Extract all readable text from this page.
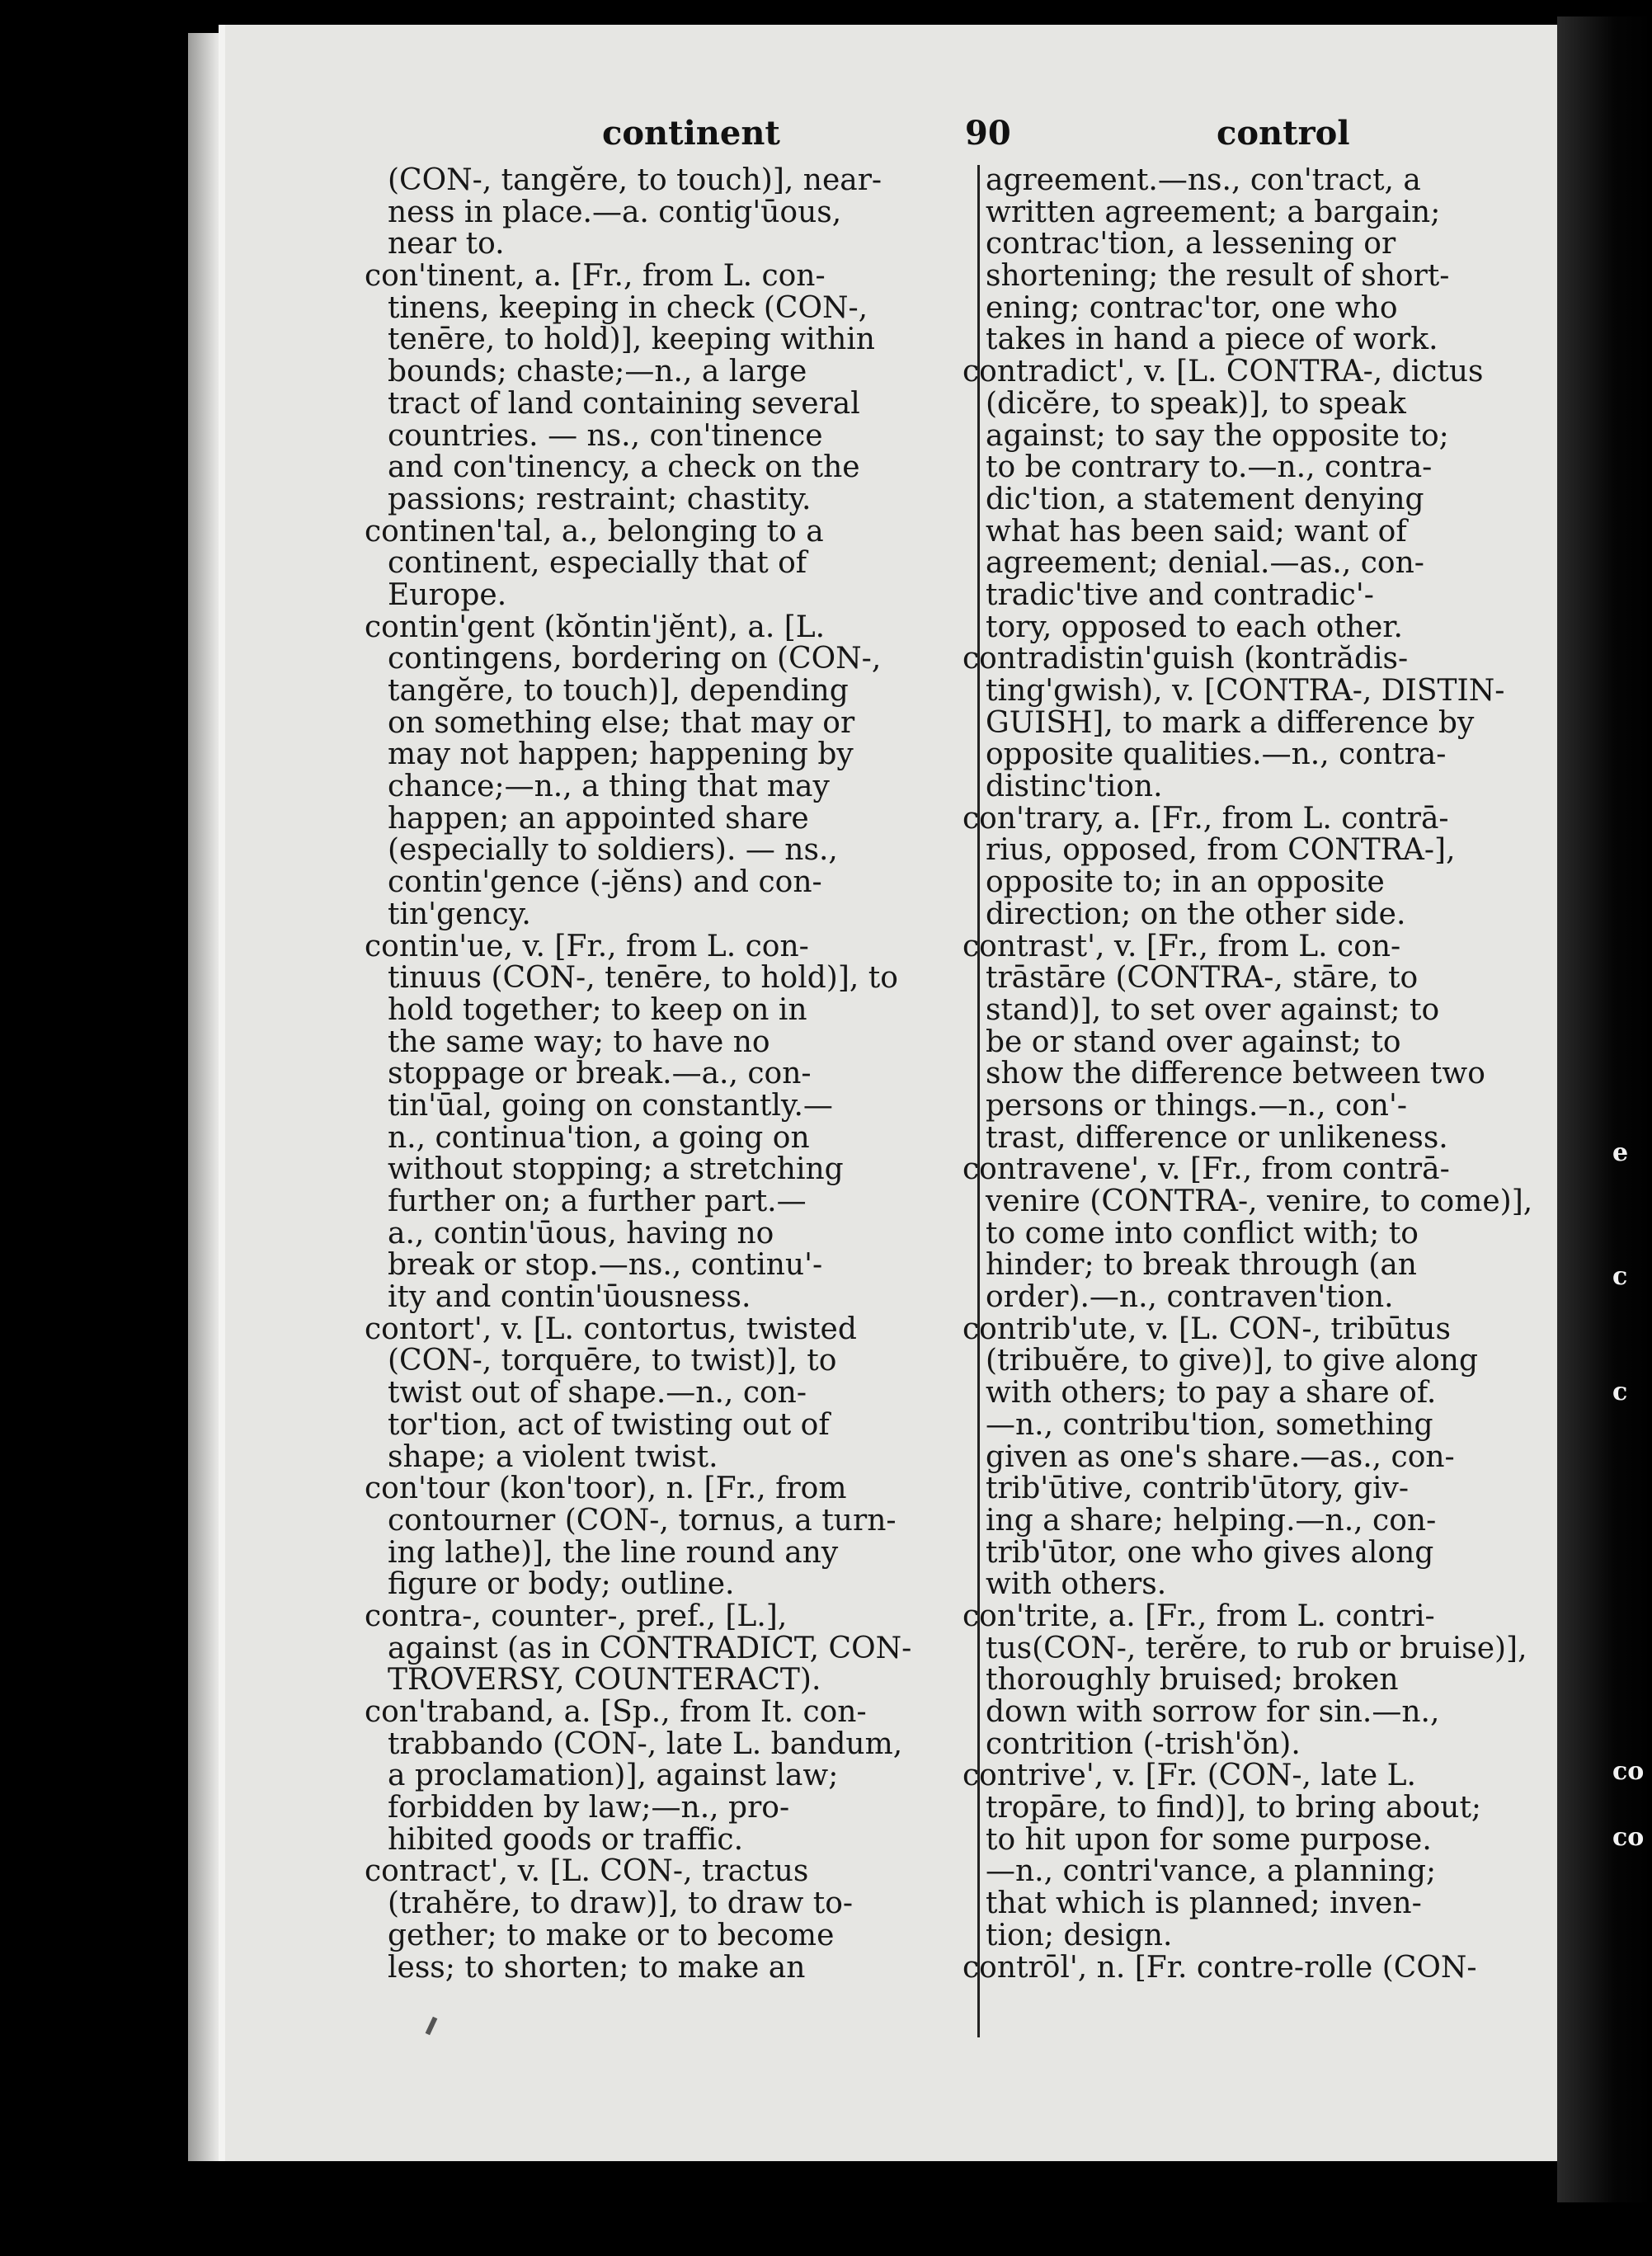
e
c
c
co
co
continent	90	control
(CON-, tangĕre, to touch)], near-
ness in place.—a. contig'ūous,
near to.
con'tinent, a. [Fr., from L. con-
tinens, keeping in check (CON-,
tenēre, to hold)], keeping within
bounds; chaste;—n., a large
tract of land containing several
countries. — ns., con'tinence
and con'tinency, a check on the
passions; restraint; chastity.
continen'tal, a., belonging to a
continent, especially that of
Europe.
contin'gent (kŏntin'jĕnt), a. [L.
contingens, bordering on (CON-,
tangĕre, to touch)], depending
on something else; that may or
may not happen; happening by
chance;—n., a thing that may
happen; an appointed share
(especially to soldiers). — ns.,
contin'gence (-jĕns) and con-
tin'gency.
contin'ue, v. [Fr., from L. con-
tinuus (CON-, tenēre, to hold)], to
hold together; to keep on in
the same way; to have no
stoppage or break.—a., con-
tin'ūal, going on constantly.—
n., continua'tion, a going on
without stopping; a stretching
further on; a further part.—
a., contin'ūous, having no
break or stop.—ns., continu'-
ity and contin'ūousness.
contort', v. [L. contortus, twisted
(CON-, torquēre, to twist)], to
twist out of shape.—n., con-
tor'tion, act of twisting out of
shape; a violent twist.
con'tour (kon'toor), n. [Fr., from
contourner (CON-, tornus, a turn-
ing lathe)], the line round any
figure or body; outline.
contra-, counter-, pref., [L.],
against (as in CONTRADICT, CON-
TROVERSY, COUNTERACT).
con'traband, a. [Sp., from It. con-
trabbando (CON-, late L. bandum,
a proclamation)], against law;
forbidden by law;—n., pro-
hibited goods or traffic.
contract', v. [L. CON-, tractus
(trahĕre, to draw)], to draw to-
gether; to make or to become
less; to shorten; to make an
agreement.—ns., con'tract, a
written agreement; a bargain;
contrac'tion, a lessening or
shortening; the result of short-
ening; contrac'tor, one who
takes in hand a piece of work.
contradict', v. [L. CONTRA-, dictus
(dicĕre, to speak)], to speak
against; to say the opposite to;
to be contrary to.—n., contra-
dic'tion, a statement denying
what has been said; want of
agreement; denial.—as., con-
tradic'tive and contradic'-
tory, opposed to each other.
contradistin'guish (kontrădis-
ting'gwish), v. [CONTRA-, DISTIN-
GUISH], to mark a difference by
opposite qualities.—n., contra-
distinc'tion.
con'trary, a. [Fr., from L. contrā-
rius, opposed, from CONTRA-],
opposite to; in an opposite
direction; on the other side.
contrast', v. [Fr., from L. con-
trāstāre (CONTRA-, stāre, to
stand)], to set over against; to
be or stand over against; to
show the difference between two
persons or things.—n., con'-
trast, difference or unlikeness.
contravene', v. [Fr., from contrā-
venire (CONTRA-, venire, to come)],
to come into conflict with; to
hinder; to break through (an
order).—n., contraven'tion.
contrib'ute, v. [L. CON-, tribūtus
(tribuĕre, to give)], to give along
with others; to pay a share of.
—n., contribu'tion, something
given as one's share.—as., con-
trib'ūtive, contrib'ūtory, giv-
ing a share; helping.—n., con-
trib'ūtor, one who gives along
with others.
con'trite, a. [Fr., from L. contri-
tus(CON-, terĕre, to rub or bruise)],
thoroughly bruised; broken
down with sorrow for sin.—n.,
contrition (-trish'ŏn).
contrive', v. [Fr. (CON-, late L.
tropāre, to find)], to bring about;
to hit upon for some purpose.
—n., contri'vance, a planning;
that which is planned; inven-
tion; design.
contrōl', n. [Fr. contre-rolle (CON-
